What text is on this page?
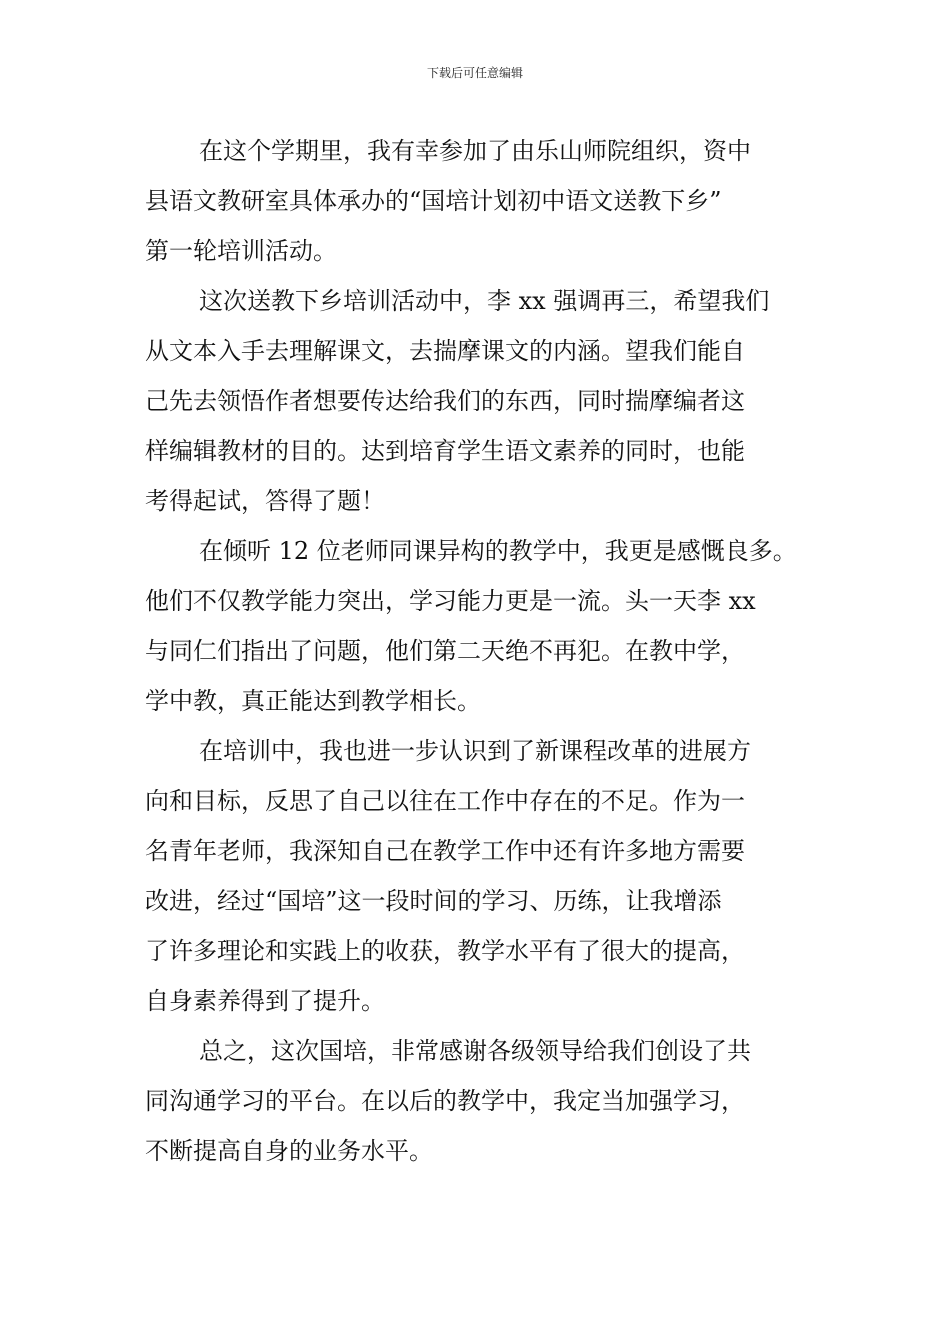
下载后可任意编辑
在这个学期里，我有幸参加了由乐山师院组织，资中
县语文教研室具体承办的“国培计划初中语文送教下乡”
第一轮培训活动。
这次送教下乡培训活动中，李 xx 强调再三，希望我们
从文本入手去理解课文，去揣摩课文的内涵。望我们能自
己先去领悟作者想要传达给我们的东西，同时揣摩编者这
样编辑教材的目的。达到培育学生语文素养的同时，也能
考得起试，答得了题！
在倾听 12 位老师同课异构的教学中，我更是感慨良多。
他们不仅教学能力突出，学习能力更是一流。头一天李 xx
与同仁们指出了问题，他们第二天绝不再犯。在教中学，
学中教，真正能达到教学相长。
在培训中，我也进一步认识到了新课程改革的进展方
向和目标，反思了自己以往在工作中存在的不足。作为一
名青年老师，我深知自己在教学工作中还有许多地方需要
改进，经过“国培”这一段时间的学习、历练，让我增添
了许多理论和实践上的收获，教学水平有了很大的提高，
自身素养得到了提升。
总之，这次国培，非常感谢各级领导给我们创设了共
同沟通学习的平台。在以后的教学中，我定当加强学习，
不断提高自身的业务水平。
